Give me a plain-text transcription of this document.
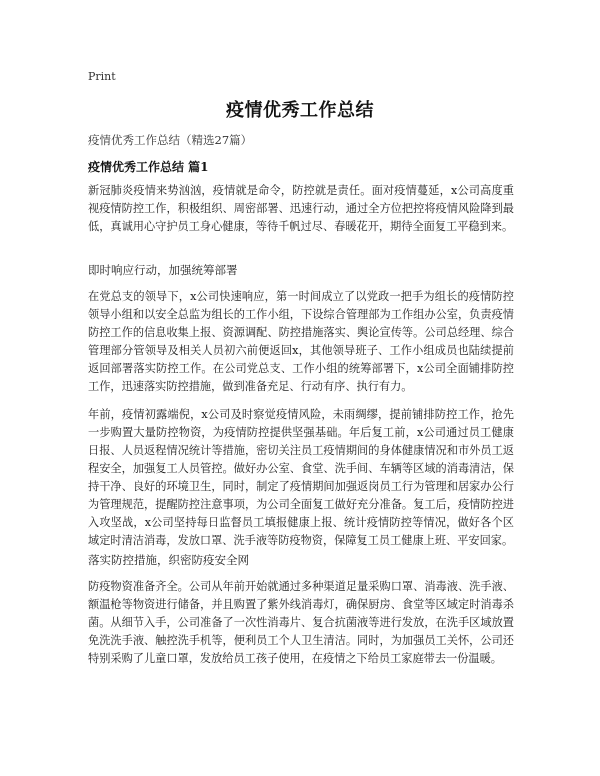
Print
疫情优秀工作总结
疫情优秀工作总结（精选27篇）
疫情优秀工作总结 篇1

新冠肺炎疫情来势汹汹，疫情就是命令，防控就是责任。面对疫情蔓延，x公司高度重视疫情防控工作，积极组织、周密部署、迅速行动，通过全方位把控将疫情风险降到最低，真诚用心守护员工身心健康，等待千帆过尽、春暖花开，期待全面复工平稳到来。

即时响应行动，加强统筹部署

在党总支的领导下，x公司快速响应，第一时间成立了以党政一把手为组长的疫情防控领导小组和以安全总监为组长的工作小组，下设综合管理部为工作组办公室，负责疫情防控工作的信息收集上报、资源调配、防控措施落实、舆论宣传等。公司总经理、综合管理部分管领导及相关人员初六前便返回x，其他领导班子、工作小组成员也陆续提前返回部署落实防控工作。在公司党总支、工作小组的统筹部署下，x公司全面铺排防控工作，迅速落实防控措施，做到准备充足、行动有序、执行有力。

年前，疫情初露端倪，x公司及时察觉疫情风险，未雨绸缪，提前铺排防控工作，抢先一步购置大量防控物资，为疫情防控提供坚强基础。年后复工前，x公司通过员工健康日报、人员返程情况统计等措施，密切关注员工疫情期间的身体健康情况和市外员工返程安全，加强复工人员管控。做好办公室、食堂、洗手间、车辆等区域的消毒清洁，保持干净、良好的环境卫生，同时，制定了疫情期间加强返岗员工行为管理和居家办公行为管理规范，提醒防控注意事项，为公司全面复工做好充分准备。复工后，疫情防控进入攻坚战，x公司坚持每日监督员工填报健康上报、统计疫情防控等情况，做好各个区域定时清洁消毒，发放口罩、洗手液等防疫物资，保障复工员工健康上班、平安回家。

落实防控措施，织密防疫安全网

防疫物资准备齐全。公司从年前开始就通过多种渠道足量采购口罩、消毒液、洗手液、额温枪等物资进行储备，并且购置了紫外线消毒灯，确保厨房、食堂等区域定时消毒杀菌。从细节入手，公司准备了一次性消毒片、复合抗菌液等进行发放，在洗手区域放置免洗洗手液、触控洗手机等，便利员工个人卫生清洁。同时，为加强员工关怀，公司还特别采购了儿童口罩，发放给员工孩子使用，在疫情之下给员工家庭带去一份温暖。
